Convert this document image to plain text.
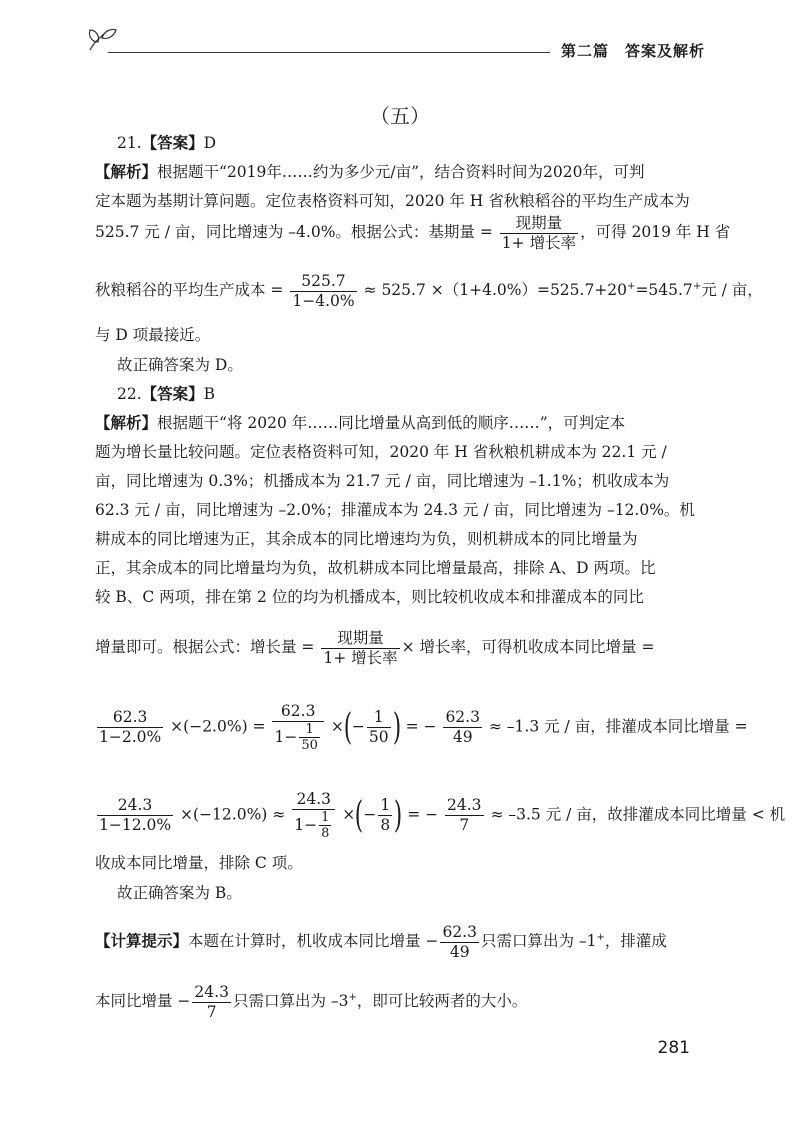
第二篇　答案及解析
（五）
21.【答案】D
【解析】根据题干“2019年……约为多少元/亩”，结合资料时间为2020年，可判
定本题为基期计算问题。定位表格资料可知，2020 年 H 省秋粮稻谷的平均生产成本为
525.7 元 / 亩，同比增速为 –4.0%。根据公式：基期量 = $\frac{\text{现期量}}{\text{1+ 增长率}}$ ，可得 2019 年 H 省
秋粮稻谷的平均生产成本 = $\frac{525.7}{1-4.0\%} \approx 525.7 \times(1+4.0\%)=525.7+20^+=545.7^+$元 / 亩，
与 D 项最接近。
故正确答案为 D。
22.【答案】B
【解析】根据题干“将 2020 年……同比增量从高到低的顺序……”，可判定本
题为增长量比较问题。定位表格资料可知，2020 年 H 省秋粮机耕成本为 22.1 元 /
亩，同比增速为 0.3%；机播成本为 21.7 元 / 亩，同比增速为 –1.1%；机收成本为
62.3 元 / 亩，同比增速为 –2.0%；排灌成本为 24.3 元 / 亩，同比增速为 –12.0%。机
耕成本的同比增速为正，其余成本的同比增速均为负，则机耕成本的同比增量为
正，其余成本的同比增量均为负，故机耕成本同比增量最高，排除 A、D 两项。比
较 B、C 两项，排在第 2 位的均为机播成本，则比较机收成本和排灌成本的同比
增量即可。根据公式：增长量 = $\frac{\text{现期量}}{\text{1+ 增长率}}$ × 增长率，可得机收成本同比增量 =
$\frac{62.3}{1-2.0\%} \times(-2.0\%) = \frac{62.3}{1- \frac{1}{50}}$ ×(− $\frac{1}{50}$ ) = − $\frac{62.3}{49} \approx -1.3$ 元 / 亩，排灌成本同比增量 =
$\frac{24.3}{1-12.0\%} \times(-12.0\%) \approx \frac{24.3}{1- \frac{1}{8}}$ ×(− $\frac{1}{8}$ ) = − $\frac{24.3}{7} \approx -3.5$ 元 / 亩，故排灌成本同比增量 < 机
收成本同比增量，排除 C 项。
故正确答案为 B。
【计算提示】本题在计算时，机收成本同比增量 − $\frac{62.3}{49}$ 只需口算出为 –1+，排灌成
本同比增量 − $\frac{24.3}{7}$ 只需口算出为 –3+，即可比较两者的大小。
281
